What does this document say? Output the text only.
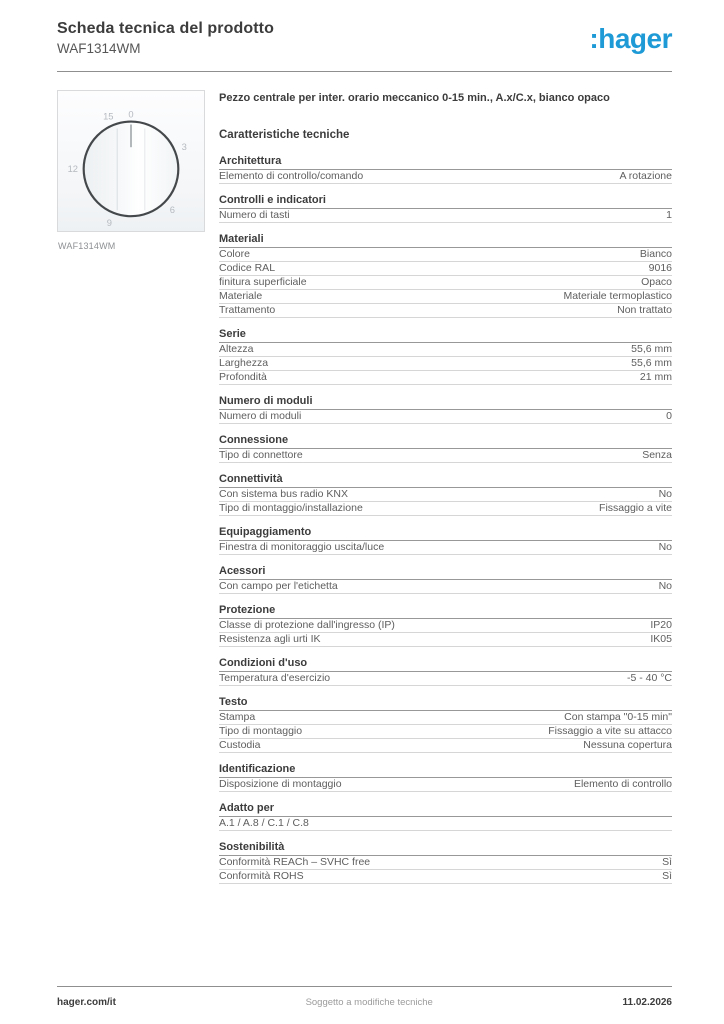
Scheda tecnica del prodotto
WAF1314WM	:hager
0
3
6
9
12
15
WAF1314WM
Pezzo centrale per inter. orario meccanico 0-15 min., A.x/C.x, bianco opaco
Caratteristiche tecniche
Architettura
Elemento di controllo/comando	A rotazione
Controlli e indicatori
Numero di tasti	1
Materiali
Colore	Bianco
Codice RAL	9016
finitura superficiale	Opaco
Materiale	Materiale termoplastico
Trattamento	Non trattato
Serie
Altezza	55,6 mm
Larghezza	55,6 mm
Profondità	21 mm
Numero di moduli
Numero di moduli	0
Connessione
Tipo di connettore	Senza
Connettività
Con sistema bus radio KNX	No
Tipo di montaggio/installazione	Fissaggio a vite
Equipaggiamento
Finestra di monitoraggio uscita/luce	No
Acessori
Con campo per l'etichetta	No
Protezione
Classe di protezione dall'ingresso (IP)	IP20
Resistenza agli urti IK	IK05
Condizioni d'uso
Temperatura d'esercizio	-5 - 40 °C
Testo
Stampa	Con stampa "0-15 min"
Tipo di montaggio	Fissaggio a vite su attacco
Custodia	Nessuna copertura
Identificazione
Disposizione di montaggio	Elemento di controllo
Adatto per
A.1 / A.8 / C.1 / C.8
Sostenibilità
Conformità REACh – SVHC free	Sì
Conformità ROHS	Sì
hager.com/it	Soggetto a modifiche tecniche	11.02.2026
